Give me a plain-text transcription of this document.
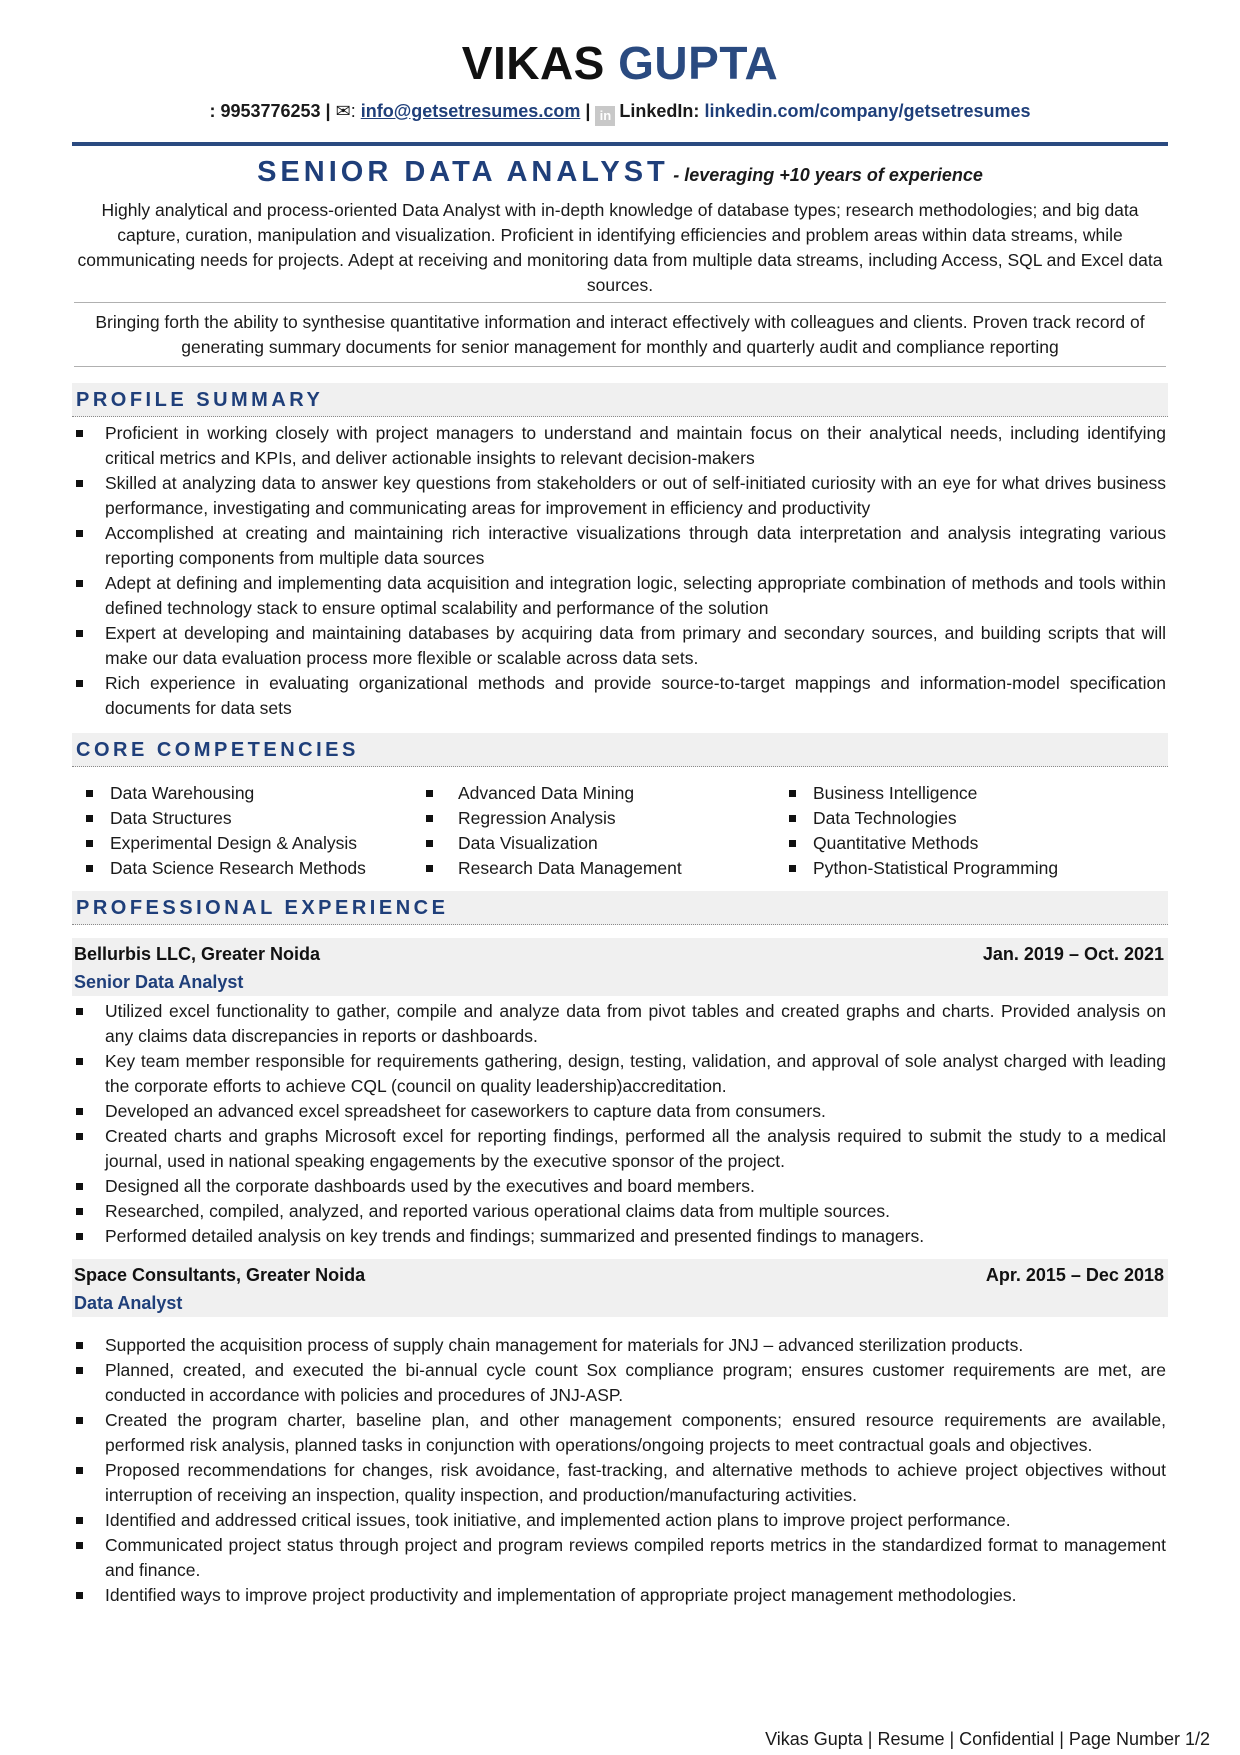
VIKAS GUPTA
: 9953776253 | ✉: info@getsetresumes.com | in LinkedIn: linkedin.com/company/getsetresumes
SENIOR DATA ANALYST - leveraging +10 years of experience

Highly analytical and process-oriented Data Analyst with in-depth knowledge of database types; research methodologies; and big data capture, curation, manipulation and visualization. Proficient in identifying efficiencies and problem areas within data streams, while communicating needs for projects. Adept at receiving and monitoring data from multiple data streams, including Access, SQL and Excel data sources.

Bringing forth the ability to synthesise quantitative information and interact effectively with colleagues and clients. Proven track record of generating summary documents for senior management for monthly and quarterly audit and compliance reporting

PROFILE SUMMARY
Proficient in working closely with project managers to understand and maintain focus on their analytical needs, including identifying critical metrics and KPIs, and deliver actionable insights to relevant decision-makers
Skilled at analyzing data to answer key questions from stakeholders or out of self-initiated curiosity with an eye for what drives business performance, investigating and communicating areas for improvement in efficiency and productivity
Accomplished at creating and maintaining rich interactive visualizations through data interpretation and analysis integrating various reporting components from multiple data sources
Adept at defining and implementing data acquisition and integration logic, selecting appropriate combination of methods and tools within defined technology stack to ensure optimal scalability and performance of the solution
Expert at developing and maintaining databases by acquiring data from primary and secondary sources, and building scripts that will make our data evaluation process more flexible or scalable across data sets.
Rich experience in evaluating organizational methods and provide source-to-target mappings and information-model specification documents for data sets
CORE COMPETENCIES
Data Warehousing
Data Structures
Experimental Design & Analysis
Data Science Research Methods
Advanced Data Mining
Regression Analysis
Data Visualization
Research Data Management
Business Intelligence
Data Technologies
Quantitative Methods
Python-Statistical Programming
PROFESSIONAL EXPERIENCE
Bellurbis LLC, Greater Noida	Jan. 2019 – Oct. 2021
Senior Data Analyst
Utilized excel functionality to gather, compile and analyze data from pivot tables and created graphs and charts. Provided analysis on any claims data discrepancies in reports or dashboards.
Key team member responsible for requirements gathering, design, testing, validation, and approval of sole analyst charged with leading the corporate efforts to achieve CQL (council on quality leadership)accreditation.
Developed an advanced excel spreadsheet for caseworkers to capture data from consumers.
Created charts and graphs Microsoft excel for reporting findings, performed all the analysis required to submit the study to a medical journal, used in national speaking engagements by the executive sponsor of the project.
Designed all the corporate dashboards used by the executives and board members.
Researched, compiled, analyzed, and reported various operational claims data from multiple sources.
Performed detailed analysis on key trends and findings; summarized and presented findings to managers.
Space Consultants, Greater Noida	Apr. 2015 – Dec 2018
Data Analyst
Supported the acquisition process of supply chain management for materials for JNJ – advanced sterilization products.
Planned, created, and executed the bi-annual cycle count Sox compliance program; ensures customer requirements are met, are conducted in accordance with policies and procedures of JNJ-ASP.
Created the program charter, baseline plan, and other management components; ensured resource requirements are available, performed risk analysis, planned tasks in conjunction with operations/ongoing projects to meet contractual goals and objectives.
Proposed recommendations for changes, risk avoidance, fast-tracking, and alternative methods to achieve project objectives without interruption of receiving an inspection, quality inspection, and production/manufacturing activities.
Identified and addressed critical issues, took initiative, and implemented action plans to improve project performance.
Communicated project status through project and program reviews compiled reports metrics in the standardized format to management and finance.
Identified ways to improve project productivity and implementation of appropriate project management methodologies.
Vikas Gupta | Resume | Confidential | Page Number 1/2
